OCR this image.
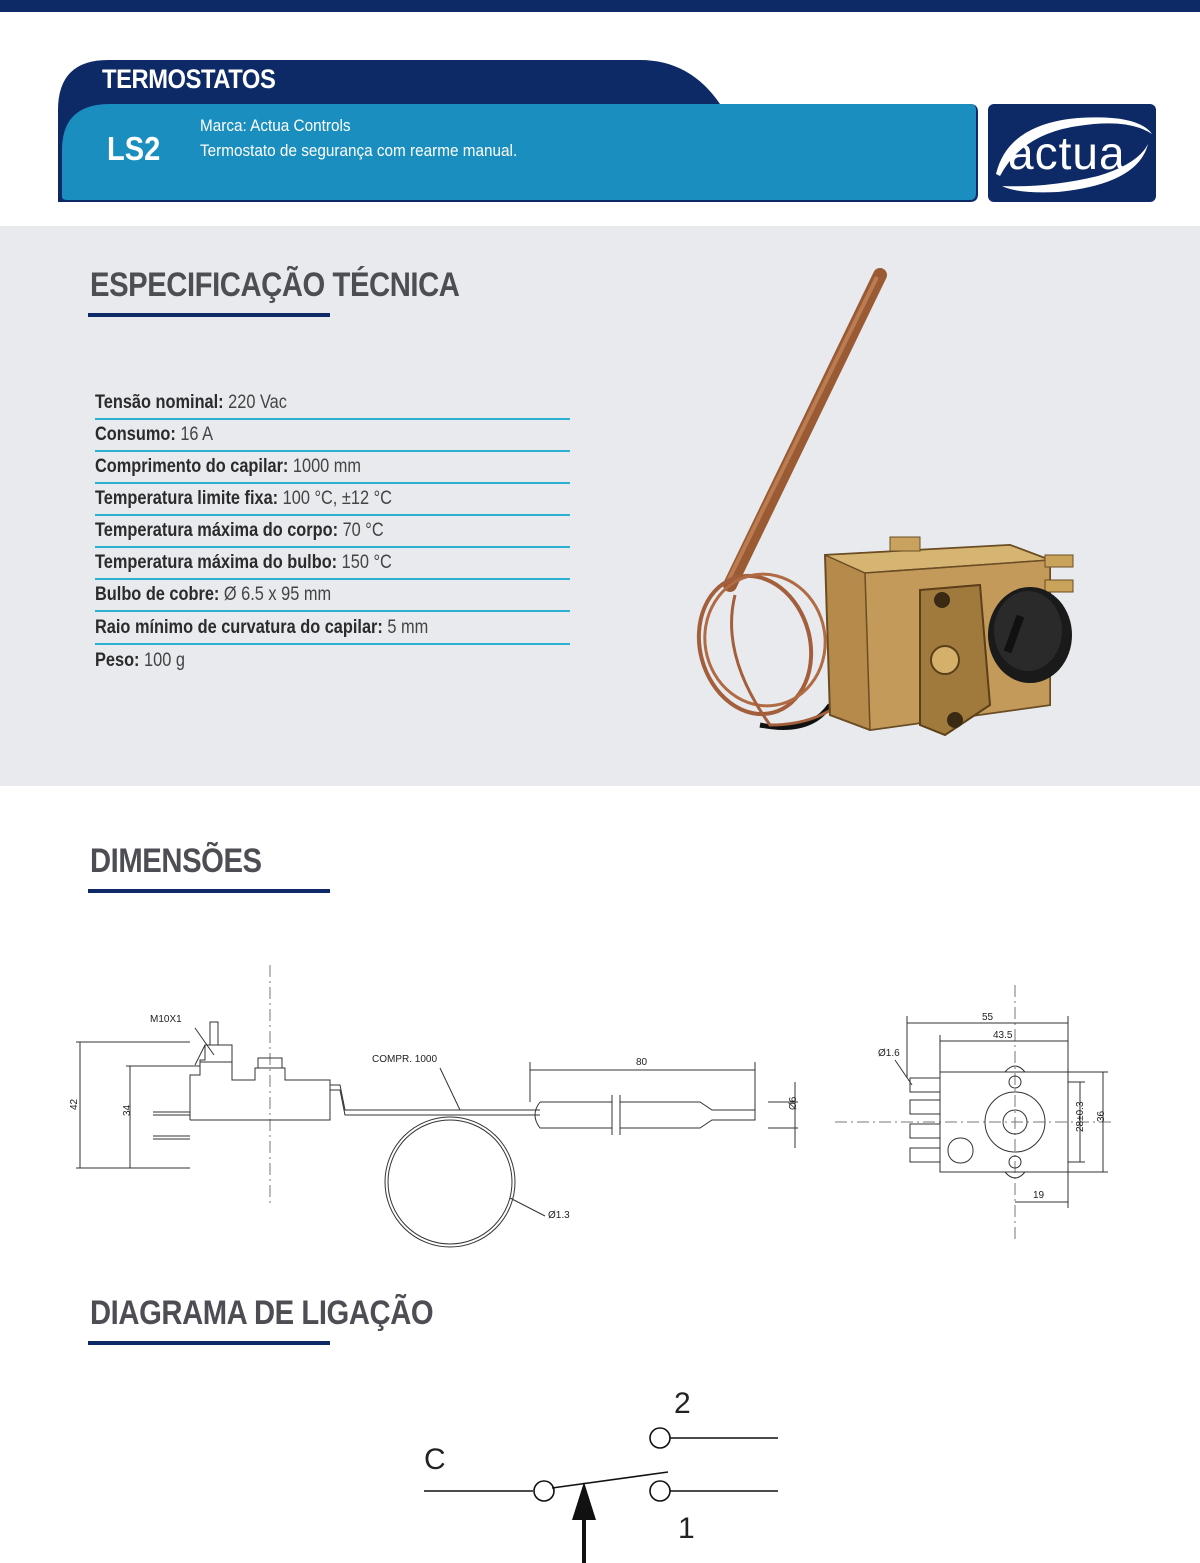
TERMOSTATOS
LS2
Marca: Actua Controls
Termostato de segurança com rearme manual.	actua
ESPECIFICAÇÃO TÉCNICA
Tensão nominal: 220 Vac
Consumo: 16 A
Comprimento do capilar: 1000 mm
Temperatura limite fixa: 100 °C, ±12 °C
Temperatura máxima do corpo: 70 °C
Temperatura máxima do bulbo: 150 °C
Bulbo de cobre: Ø 6.5 x 95 mm
Raio mínimo de curvatura do capilar: 5 mm
Peso: 100 g
DIMENSÕES
M10X1
COMPR. 1000	80
42
34
Ø6
Ø1.3
55
43.5
Ø1.6
28±0.3 36
19
DIAGRAMA DE LIGAÇÃO
C
2
1
